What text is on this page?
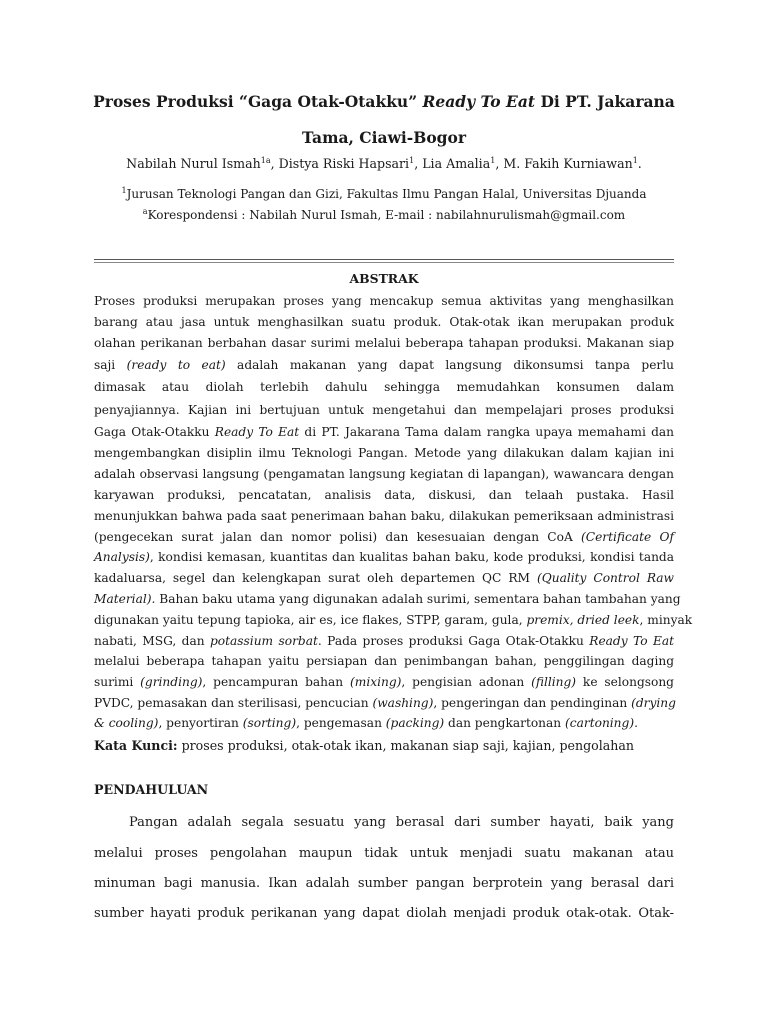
Proses Produksi “Gaga Otak-Otakku” Ready To Eat Di PT. Jakarana
Tama, Ciawi-Bogor
Nabilah Nurul Ismah$^{1a}$, Distya Riski Hapsari$^1$, Lia Amalia$^1$, M. Fakih Kurniawan$^1$.
$^1$Jurusan Teknologi Pangan dan Gizi, Fakultas Ilmu Pangan Halal, Universitas Djuanda
$^a$Korespondensi : Nabilah Nurul Ismah, E-mail : nabilahnurulismah@gmail.com
ABSTRAK
Proses produksi merupakan proses yang mencakup semua aktivitas yang menghasilkan
barang atau jasa untuk menghasilkan suatu produk. Otak-otak ikan merupakan produk
olahan perikanan berbahan dasar surimi melalui beberapa tahapan produksi. Makanan siap
saji (ready to eat) adalah makanan yang dapat langsung dikonsumsi tanpa perlu
dimasak atau diolah terlebih dahulu sehingga memudahkan konsumen dalam
penyajiannya. Kajian ini bertujuan untuk mengetahui dan mempelajari proses produksi
Gaga Otak-Otakku Ready To Eat di PT. Jakarana Tama dalam rangka upaya memahami dan
mengembangkan disiplin ilmu Teknologi Pangan. Metode yang dilakukan dalam kajian ini
adalah observasi langsung (pengamatan langsung kegiatan di lapangan), wawancara dengan
karyawan produksi, pencatatan, analisis data, diskusi, dan telaah pustaka. Hasil
menunjukkan bahwa pada saat penerimaan bahan baku, dilakukan pemeriksaan administrasi
(pengecekan surat jalan dan nomor polisi) dan kesesuaian dengan CoA (Certificate Of
Analysis), kondisi kemasan, kuantitas dan kualitas bahan baku, kode produksi, kondisi tanda
kadaluarsa, segel dan kelengkapan surat oleh departemen QC RM (Quality Control Raw
Material). Bahan baku utama yang digunakan adalah surimi, sementara bahan tambahan yang
digunakan yaitu tepung tapioka, air es, ice flakes, STPP, garam, gula, premix, dried leek, minyak
nabati, MSG, dan potassium sorbat. Pada proses produksi Gaga Otak-Otakku Ready To Eat
melalui beberapa tahapan yaitu persiapan dan penimbangan bahan, penggilingan daging
surimi (grinding), pencampuran bahan (mixing), pengisian adonan (filling) ke selongsong
PVDC, pemasakan dan sterilisasi, pencucian (washing), pengeringan dan pendinginan (drying
& cooling), penyortiran (sorting), pengemasan (packing) dan pengkartonan (cartoning).
Kata Kunci: proses produksi, otak-otak ikan, makanan siap saji, kajian, pengolahan
PENDAHULUAN
Pangan adalah segala sesuatu yang berasal dari sumber hayati, baik yang
melalui proses pengolahan maupun tidak untuk menjadi suatu makanan atau
minuman bagi manusia. Ikan adalah sumber pangan berprotein yang berasal dari
sumber hayati produk perikanan yang dapat diolah menjadi produk otak-otak. Otak-
